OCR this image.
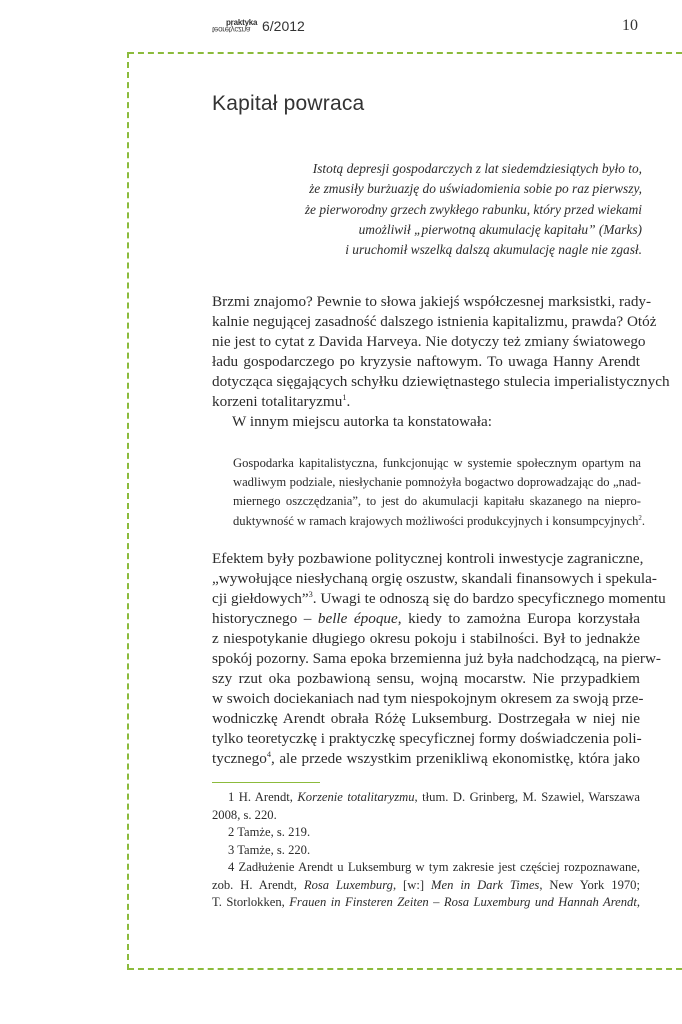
praktyka
teoretyczna 6/2012	10
Kapitał powraca
Istotą depresji gospodarczych z lat siedemdziesiątych było to,
że zmusiły burżuazję do uświadomienia sobie po raz pierwszy,
że pierworodny grzech zwykłego rabunku, który przed wiekami
umożliwił „pierwotną akumulację kapitału” (Marks)
i uruchomił wszelką dalszą akumulację nagle nie zgasł.
Brzmi znajomo? Pewnie to słowa jakiejś współczesnej marksistki, rady-
kalnie negującej zasadność dalszego istnienia kapitalizmu, prawda? Otóż
nie jest to cytat z Davida Harveya. Nie dotyczy też zmiany światowego
ładu gospodarczego po kryzysie naftowym. To uwaga Hanny Arendt
dotycząca sięgających schyłku dziewiętnastego stulecia imperialistycznych
korzeni totalitaryzmu$^1$.
W innym miejscu autorka ta konstatowała:
Gospodarka kapitalistyczna, funkcjonując w systemie społecznym opartym na
wadliwym podziale, niesłychanie pomnożyła bogactwo doprowadzając do „nad-
miernego oszczędzania”, to jest do akumulacji kapitału skazanego na niepro-
duktywność w ramach krajowych możliwości produkcyjnych i konsumpcyjnych$^2$.
Efektem były pozbawione politycznej kontroli inwestycje zagraniczne,
„wywołujące niesłychaną orgię oszustw, skandali finansowych i spekula-
cji giełdowych”$^3$. Uwagi te odnoszą się do bardzo specyficznego momentu
historycznego – belle époque, kiedy to zamożna Europa korzystała
z niespotykanie długiego okresu pokoju i stabilności. Był to jednakże
spokój pozorny. Sama epoka brzemienna już była nadchodzącą, na pierw-
szy rzut oka pozbawioną sensu, wojną mocarstw. Nie przypadkiem
w swoich dociekaniach nad tym niespokojnym okresem za swoją prze-
wodniczkę Arendt obrała Różę Luksemburg. Dostrzegała w niej nie
tylko teoretyczkę i praktyczkę specyficznej formy doświadczenia poli-
tycznego$^4$, ale przede wszystkim przenikliwą ekonomistkę, która jako
1 H. Arendt, Korzenie totalitaryzmu, tłum. D. Grinberg, M. Szawiel, Warszawa
2008, s. 220.
2 Tamże, s. 219.
3 Tamże, s. 220.
4 Zadłużenie Arendt u Luksemburg w tym zakresie jest częściej rozpoznawane,
zob. H. Arendt, Rosa Luxemburg, [w:] Men in Dark Times, New York 1970;
T. Storlokken, Frauen in Finsteren Zeiten – Rosa Luxemburg und Hannah Arendt,
